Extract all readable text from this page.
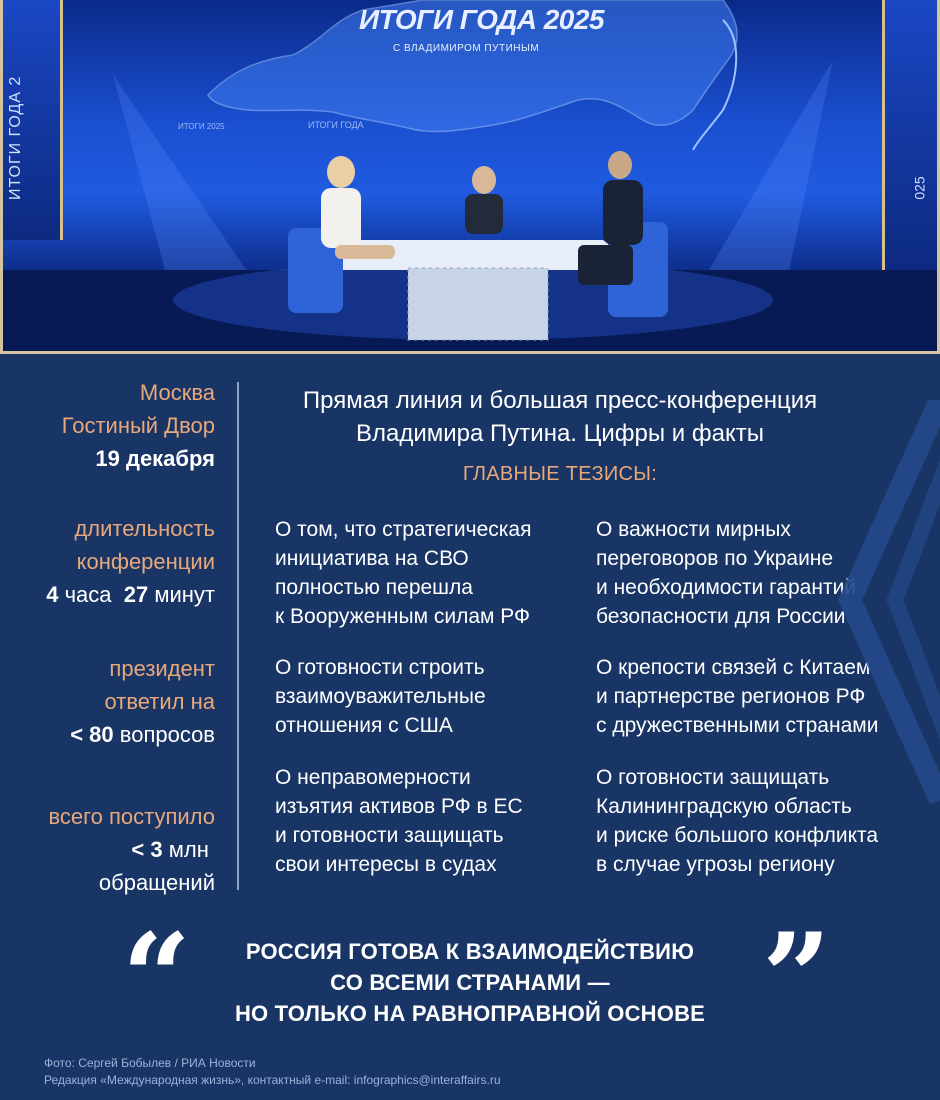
ИТОГИ ГОДА 2	025
ИТОГИ ГОДА 2025
С ВЛАДИМИРОМ ПУТИНЫМ
ИТОГИ 2025	ИТОГИ ГОДА
Москва
Гостиный Двор
19 декабря
длительность
конференции
4 часа 27 минут
президент
ответил на
< 80 вопросов
всего поступило
< 3 млн
обращений
Прямая линия и большая пресс-конференция
Владимира Путина. Цифры и факты
ГЛАВНЫЕ ТЕЗИСЫ:
О том, что стратегическая
инициатива на СВО
полностью перешла
к Вооруженным силам РФ
О важности мирных
переговоров по Украине
и необходимости гарантий
безопасности для России
О готовности строить
взаимоуважительные
отношения с США
О крепости связей с Китаем
и партнерстве регионов РФ
с дружественными странами
О неправомерности
изъятия активов РФ в ЕС
и готовности защищать
свои интересы в судах
О готовности защищать
Калининградскую область
и риске большого конфликта
в случае угрозы региону
“	РОССИЯ ГОТОВА К ВЗАИМОДЕЙСТВИЮ
СО ВСЕМИ СТРАНАМИ —
НО ТОЛЬКО НА РАВНОПРАВНОЙ ОСНОВЕ ”
Фото: Сергей Бобылев / РИА Новости
Редакция «Международная жизнь», контактный e-mail: infographics@interaffairs.ru
